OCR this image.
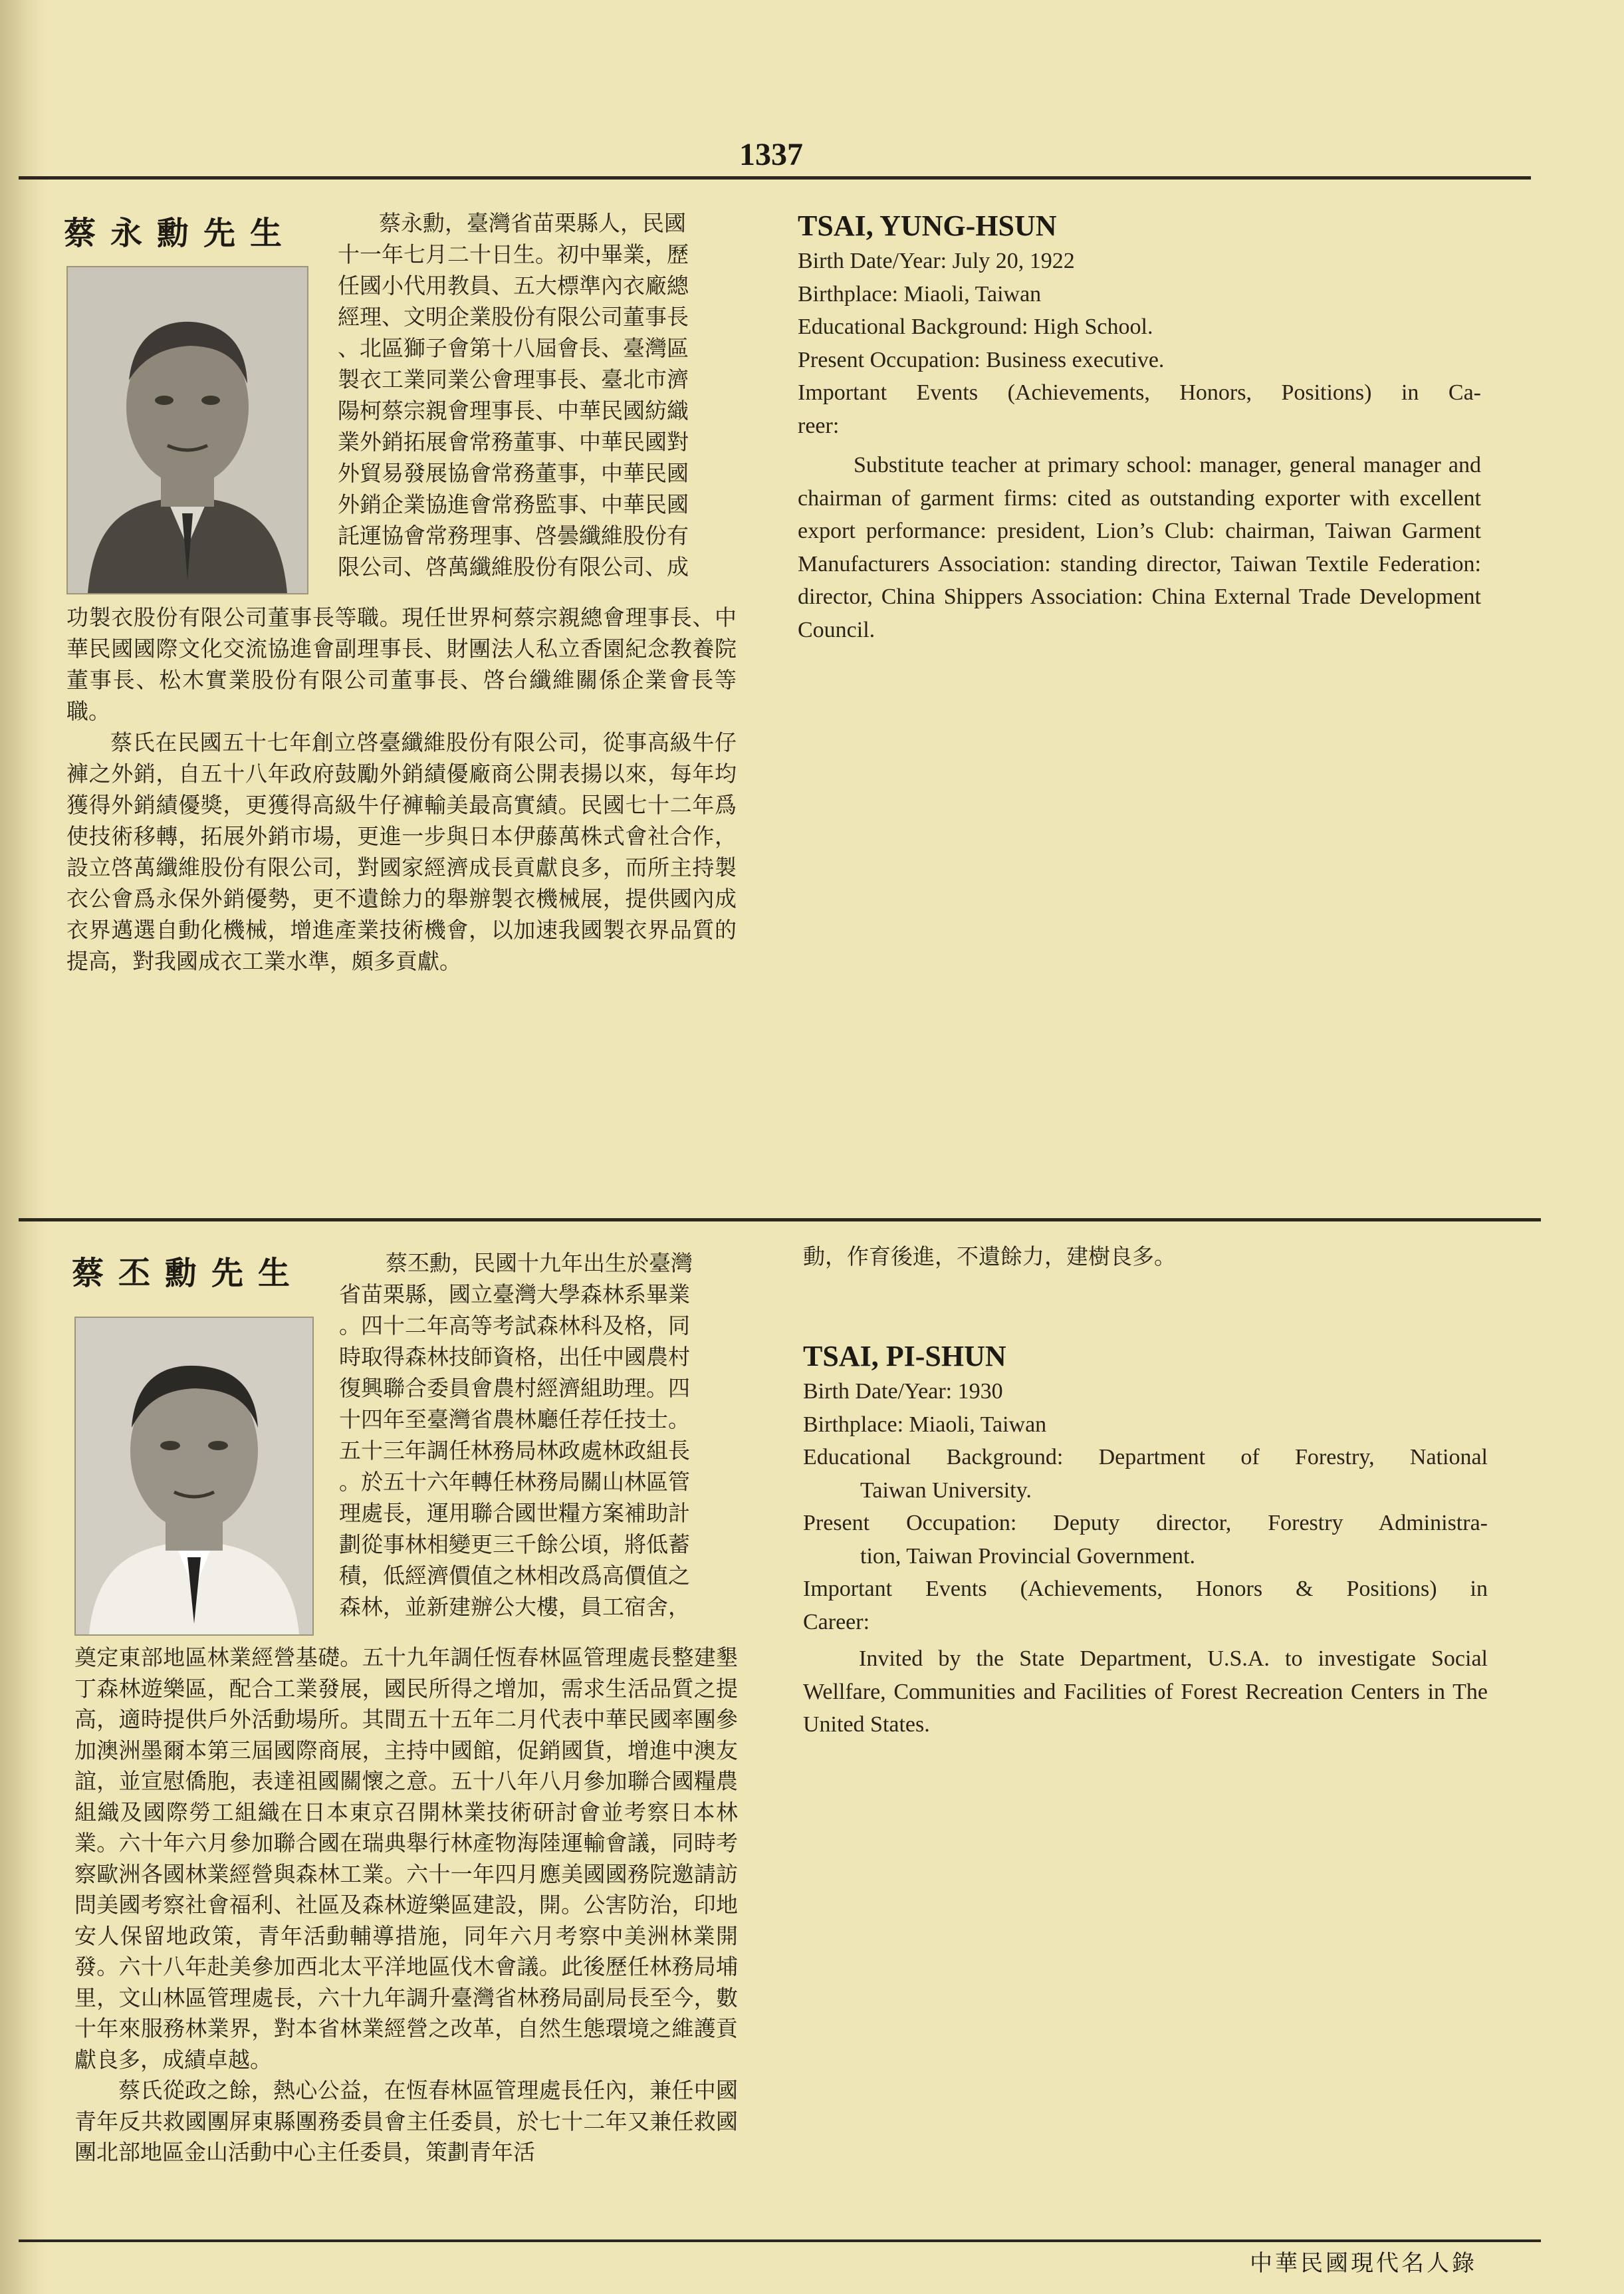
1337
蔡永勳先生	蔡永勳，臺灣省苗栗縣人，民國

十一年七月二十日生。初中畢業，歷

任國小代用教員、五大標準內衣廠總

經理、文明企業股份有限公司董事長

、北區獅子會第十八屆會長、臺灣區

製衣工業同業公會理事長、臺北市濟

陽柯蔡宗親會理事長、中華民國紡織

業外銷拓展會常務董事、中華民國對

外貿易發展協會常務董事，中華民國

外銷企業協進會常務監事、中華民國

託運協會常務理事、啓曇纖維股份有

限公司、啓萬纖維股份有限公司、成

功製衣股份有限公司董事長等職。現任世界柯蔡宗親總會理事長、中華民國國際文化交流協進會副理事長、財團法人私立香園紀念教養院董事長、松木實業股份有限公司董事長、啓台纖維關係企業會長等職。

蔡氏在民國五十七年創立啓臺纖維股份有限公司，從事高級牛仔褲之外銷，自五十八年政府鼓勵外銷績優廠商公開表揚以來，每年均獲得外銷績優獎，更獲得高級牛仔褲輸美最高實績。民國七十二年爲使技術移轉，拓展外銷市場，更進一步與日本伊藤萬株式會社合作，設立啓萬纖維股份有限公司，對國家經濟成長貢獻良多，而所主持製衣公會爲永保外銷優勢，更不遺餘力的舉辦製衣機械展，提供國內成衣界邁選自動化機械，增進產業技術機會，以加速我國製衣界品質的提高，對我國成衣工業水準，頗多貢獻。

TSAI, YUNG-HSUN

Birth Date/Year: July 20, 1922

Birthplace: Miaoli, Taiwan

Educational Background: High School.

Present Occupation: Business executive.

Important Events (Achievements, Honors, Positions) in Ca-

reer:

Substitute teacher at primary school: manager, general manager and chairman of garment firms: cited as outstanding exporter with excellent export performance: president, Lion’s Club: chairman, Taiwan Garment Manufacturers Association: standing director, Taiwan Textile Federation: director, China Shippers Association: China External Trade Development Council.

蔡丕勳先生	蔡丕勳，民國十九年出生於臺灣

省苗栗縣，國立臺灣大學森林系畢業

。四十二年高等考試森林科及格，同

時取得森林技師資格，出任中國農村

復興聯合委員會農村經濟組助理。四

十四年至臺灣省農林廳任荐任技士。

五十三年調任林務局林政處林政組長

。於五十六年轉任林務局關山林區管

理處長，運用聯合國世糧方案補助計

劃從事林相變更三千餘公頃，將低蓄

積，低經濟價值之林相改爲高價值之

森林，並新建辦公大樓，員工宿舍，

奠定東部地區林業經營基礎。五十九年調任恆春林區管理處長整建墾丁森林遊樂區，配合工業發展，國民所得之增加，需求生活品質之提高，適時提供戶外活動場所。其間五十五年二月代表中華民國率團參加澳洲墨爾本第三屆國際商展，主持中國館，促銷國貨，增進中澳友誼，並宣慰僑胞，表達祖國關懷之意。五十八年八月參加聯合國糧農組織及國際勞工組織在日本東京召開林業技術研討會並考察日本林業。六十年六月參加聯合國在瑞典舉行林產物海陸運輸會議，同時考察歐洲各國林業經營與森林工業。六十一年四月應美國國務院邀請訪問美國考察社會福利、社區及森林遊樂區建設，開。公害防治，印地安人保留地政策，青年活動輔導措施，同年六月考察中美洲林業開發。六十八年赴美參加西北太平洋地區伐木會議。此後歷任林務局埔里，文山林區管理處長，六十九年調升臺灣省林務局副局長至今，數十年來服務林業界，對本省林業經營之改革，自然生態環境之維護貢獻良多，成績卓越。

蔡氏從政之餘，熱心公益，在恆春林區管理處長任內，兼任中國青年反共救國團屏東縣團務委員會主任委員，於七十二年又兼任救國團北部地區金山活動中心主任委員，策劃青年活

動，作育後進，不遺餘力，建樹良多。

TSAI, PI-SHUN

Birth Date/Year: 1930

Birthplace: Miaoli, Taiwan

Educational Background: Department of Forestry, National

Taiwan University.

Present Occupation: Deputy director, Forestry Administra-

tion, Taiwan Provincial Government.

Important Events (Achievements, Honors & Positions) in

Career:

Invited by the State Department, U.S.A. to investigate Social Wellfare, Communities and Facilities of Forest Recreation Centers in The United States.

中華民國現代名人錄
